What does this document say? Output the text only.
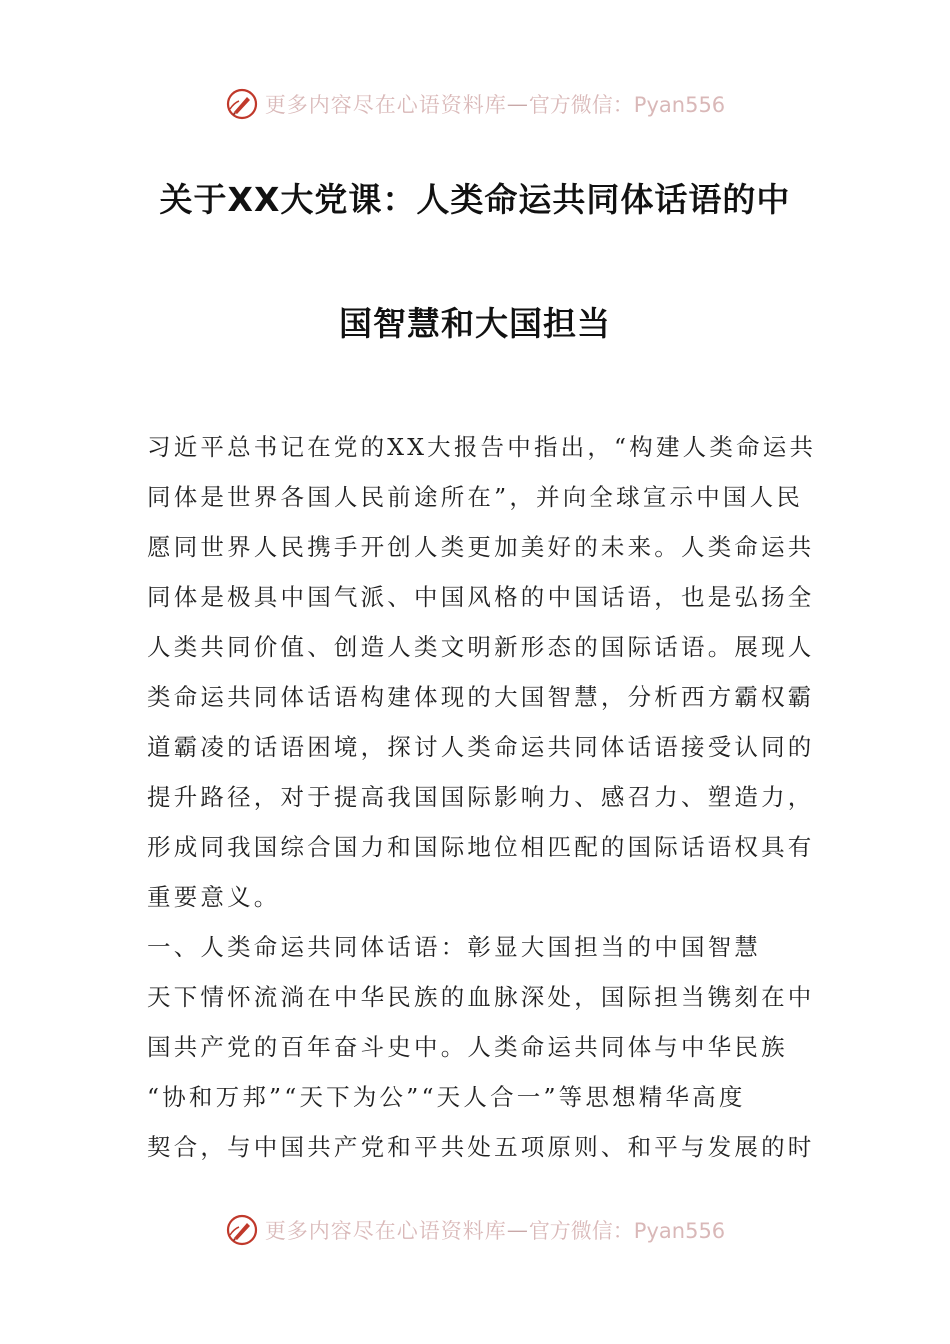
更多内容尽在心语资料库 — 官方微信：Pyan556
关于XX大党课：人类命运共同体话语的中
国智慧和大国担当
习近平总书记在党的XX大报告中指出，“构建人类命运共
同体是世界各国人民前途所在”，并向全球宣示中国人民
愿同世界人民携手开创人类更加美好的未来。人类命运共
同体是极具中国气派、中国风格的中国话语，也是弘扬全
人类共同价值、创造人类文明新形态的国际话语。展现人
类命运共同体话语构建体现的大国智慧，分析西方霸权霸
道霸凌的话语困境，探讨人类命运共同体话语接受认同的
提升路径，对于提高我国国际影响力、感召力、塑造力，
形成同我国综合国力和国际地位相匹配的国际话语权具有
重要意义。
一、人类命运共同体话语：彰显大国担当的中国智慧
天下情怀流淌在中华民族的血脉深处，国际担当镌刻在中
国共产党的百年奋斗史中。人类命运共同体与中华民族
“协和万邦”“天下为公”“天人合一”等思想精华高度
契合，与中国共产党和平共处五项原则、和平与发展的时
更多内容尽在心语资料库 — 官方微信：Pyan556
